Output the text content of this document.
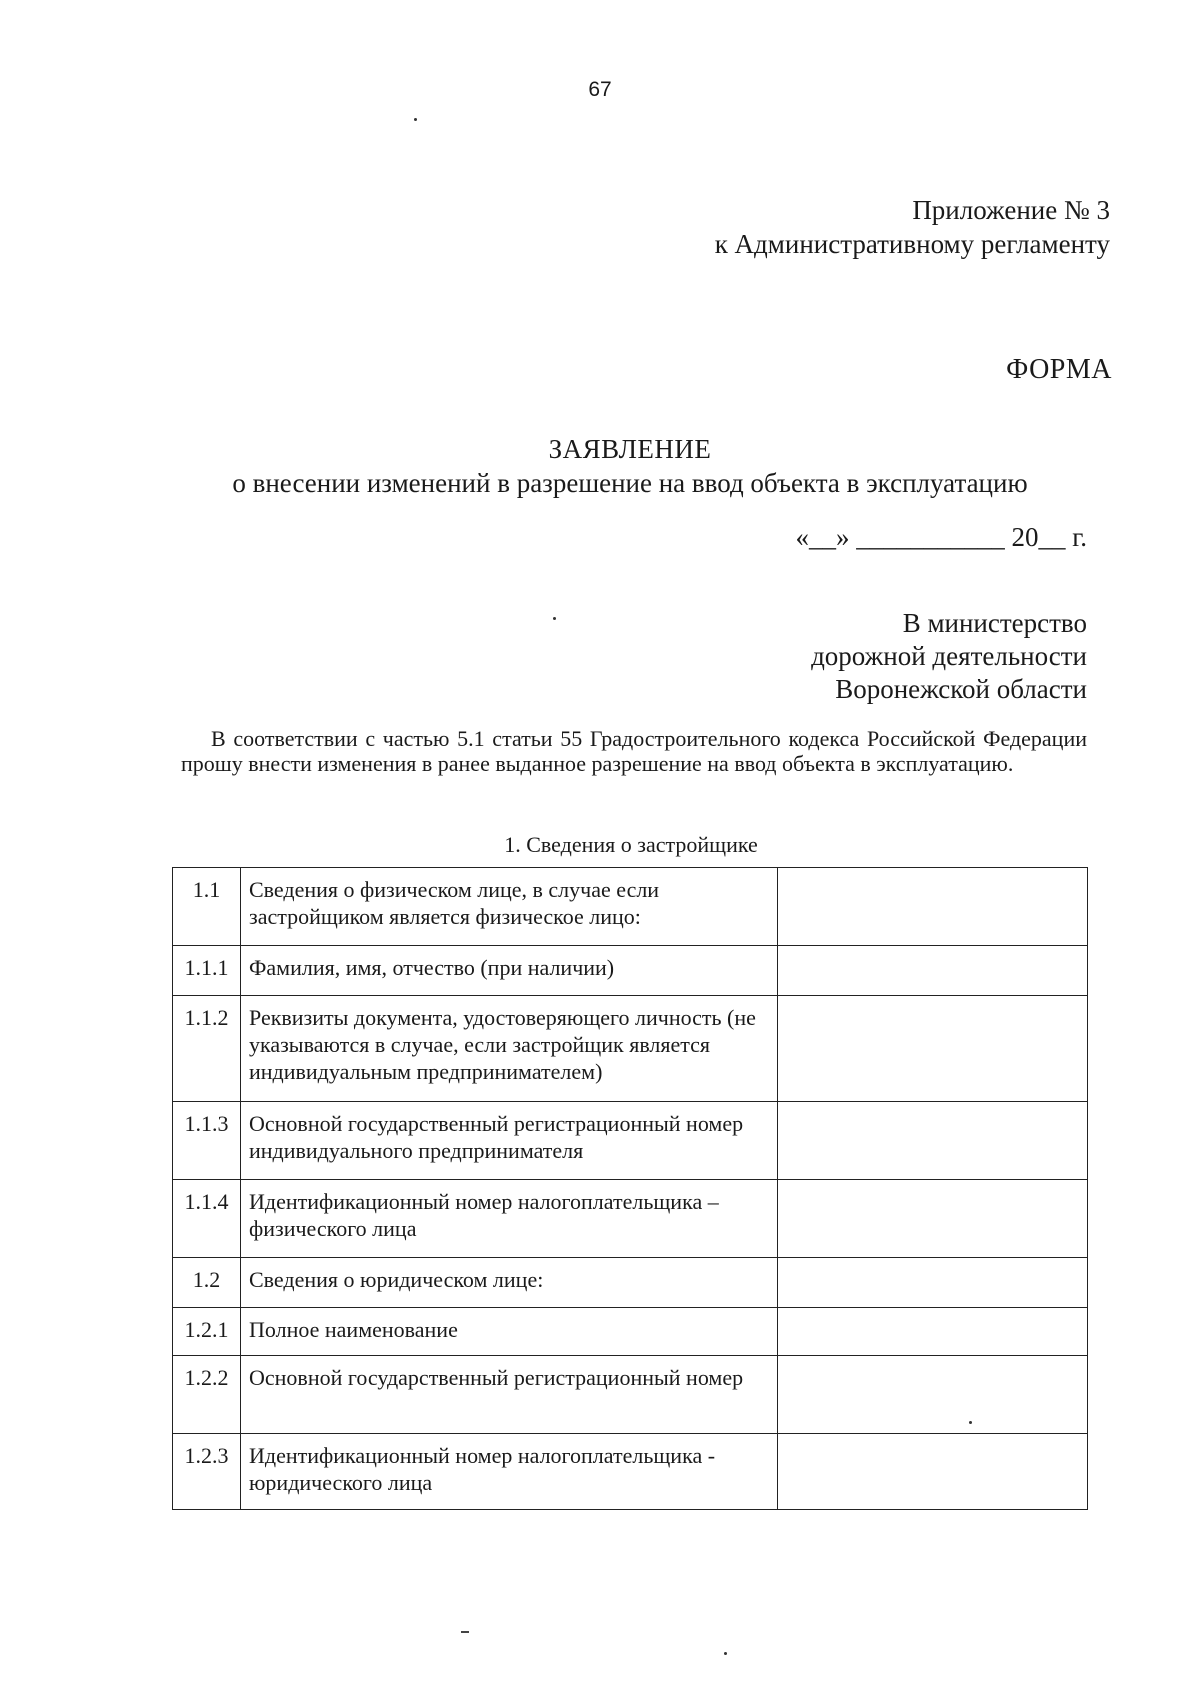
67
Приложение № 3
к Административному регламенту
ФОРМА
ЗАЯВЛЕНИЕ
о внесении изменений в разрешение на ввод объекта в эксплуатацию
«__» ___________ 20__ г.
В министерство
дорожной деятельности
Воронежской области
В соответствии с частью 5.1 статьи 55 Градостроительного кодекса Российской Федерации прошу внести изменения в ранее выданное разрешение на ввод объекта в эксплуатацию.
1. Сведения о застройщике
1.1	Сведения о физическом лице, в случае если застройщиком является физическое лицо:	
1.1.1	Фамилия, имя, отчество (при наличии)	
1.1.2	Реквизиты документа, удостоверяющего личность (не указываются в случае, если застройщик является индивидуальным предпринимателем)	
1.1.3	Основной государственный регистрационный номер индивидуального предпринимателя	
1.1.4	Идентификационный номер налогоплательщика – физического лица	
1.2	Сведения о юридическом лице:	
1.2.1	Полное наименование	
1.2.2	Основной государственный регистрационный номер	
1.2.3	Идентификационный номер налогоплательщика - юридического лица	
